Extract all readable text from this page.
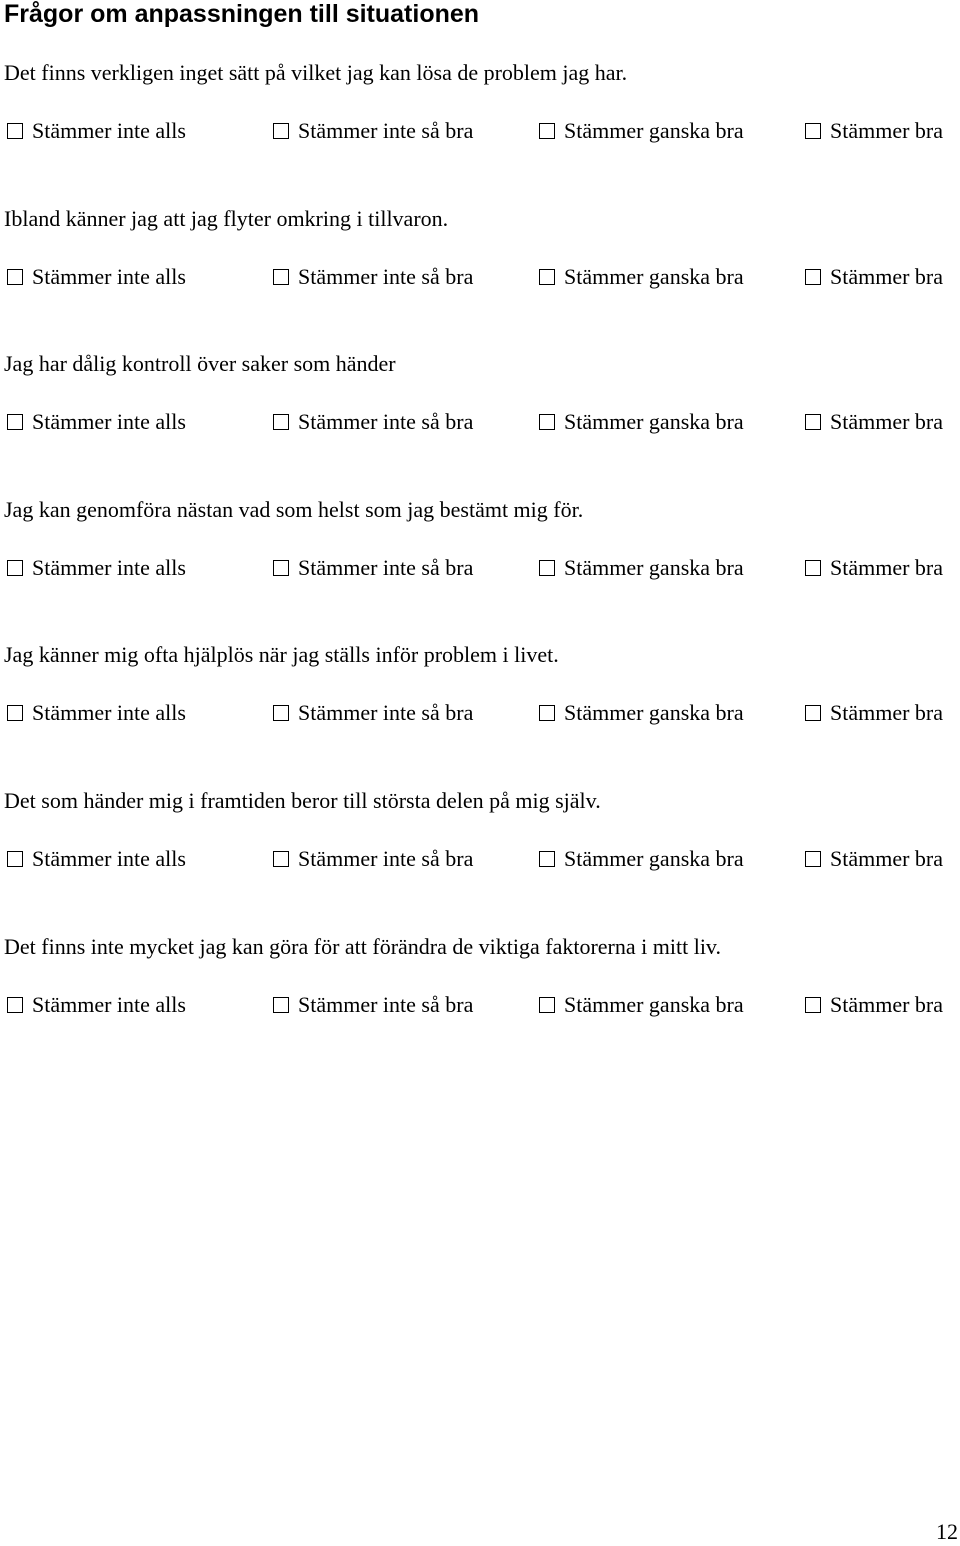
Frågor om anpassningen till situationen
Det finns verkligen inget sätt på vilket jag kan lösa de problem jag har.
Stämmer inte alls	Stämmer inte så bra	Stämmer ganska bra	Stämmer bra
Ibland känner jag att jag flyter omkring i tillvaron.
Stämmer inte alls	Stämmer inte så bra	Stämmer ganska bra	Stämmer bra
Jag har dålig kontroll över saker som händer
Stämmer inte alls	Stämmer inte så bra	Stämmer ganska bra	Stämmer bra
Jag kan genomföra nästan vad som helst som jag bestämt mig för.
Stämmer inte alls	Stämmer inte så bra	Stämmer ganska bra	Stämmer bra
Jag känner mig ofta hjälplös när jag ställs inför problem i livet.
Stämmer inte alls	Stämmer inte så bra	Stämmer ganska bra	Stämmer bra
Det som händer mig i framtiden beror till största delen på mig själv.
Stämmer inte alls	Stämmer inte så bra	Stämmer ganska bra	Stämmer bra
Det finns inte mycket jag kan göra för att förändra de viktiga faktorerna i mitt liv.
Stämmer inte alls	Stämmer inte så bra	Stämmer ganska bra	Stämmer bra
12
